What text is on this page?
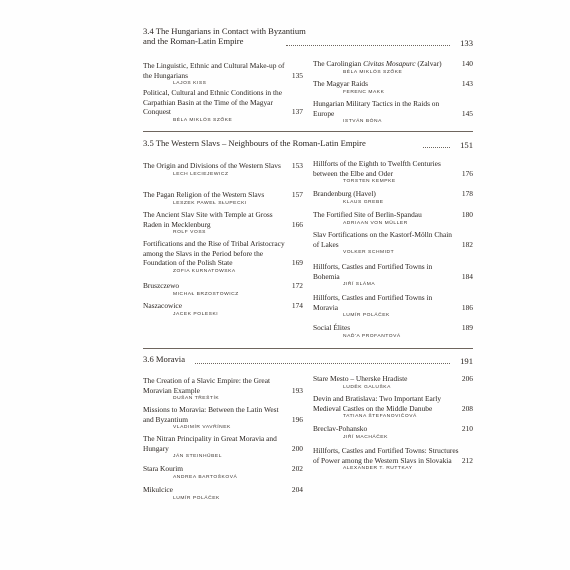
3.4 The Hungarians in Contact with Byzantium
and the Roman-Latin Empire	133
The Linguistic, Ethnic and Cultural Make-up of the Hungarians	135
LAJOS KISS
Political, Cultural and Ethnic Conditions in the Carpathian Basin at the Time of the Magyar Conquest	137
BÉLA MIKLÓS SZŐKE
The Carolingian Civitas Mosapurc (Zalvar)	140
BÉLA MIKLÓS SZŐKE
The Magyar Raids	143
FERENC MAKK
Hungarian Military Tactics in the Raids on Europe	145
ISTVÁN BÓNA
3.5 The Western Slavs – Neighbours of the Roman-Latin Empire	151
The Origin and Divisions of the Western Slavs 153
LECH LECIEJEWICZ
The Pagan Religion of the Western Slavs	157
LESZEK PAWEŁ SŁUPECKI
The Ancient Slav Site with Temple at Gross Raden in Mecklenburg	166
ROLF VOSS
Fortifications and the Rise of Tribal Aristocracy among the Slavs in the Period before the Foundation of the Polish State	169
ZOFIA KURNATOWSKA
Bruszczewo	172
MICHAŁ BRZOSTOWICZ
Naszacowice	174
JACEK POLESKI
Hillforts of the Eighth to Twelfth Centuries between the Elbe and Oder	176
TORSTEN KEMPKE
Brandenburg (Havel)	178
KLAUS GREBE
The Fortified Site of Berlin-Spandau	180
ADRIAAN VON MÜLLER
Slav Fortifications on the Kastorf-Mölln Chain of Lakes	182
VOLKER SCHMIDT
Hillforts, Castles and Fortified Towns in Bohemia	184
JIŘÍ SLÁMA
Hillforts, Castles and Fortified Towns in Moravia	186
LUMÍR POLÁČEK
Social Élites	189
NAĎ'A PROFANTOVÁ
3.6 Moravia	191
The Creation of a Slavic Empire: the Great Moravian Example	193
DUŠAN TŘEŠTÍK
Missions to Moravia: Between the Latin West and Byzantium	196
VLADIMÍR VAVŘÍNEK
The Nitran Principality in Great Moravia and Hungary	200
JÁN STEINHÜBEL
Stara Kourim	202
ANDREA BARTOŠKOVÁ
Mikulcice	204
LUMÍR POLÁČEK
Stare Mesto – Uherske Hradiste	206
LUDĚK GALUŠKA
Devin and Bratislava: Two Important Early Medieval Castles on the Middle Danube	208
TATIANA ŠTEFANOVIČOVÁ
Breclav-Pohansko	210
JIŘÍ MACHÁČEK
Hillforts, Castles and Fortified Towns: Structures of Power among the Western Slavs in Slovakia 212
ALEXANDER T. RUTTKAY
